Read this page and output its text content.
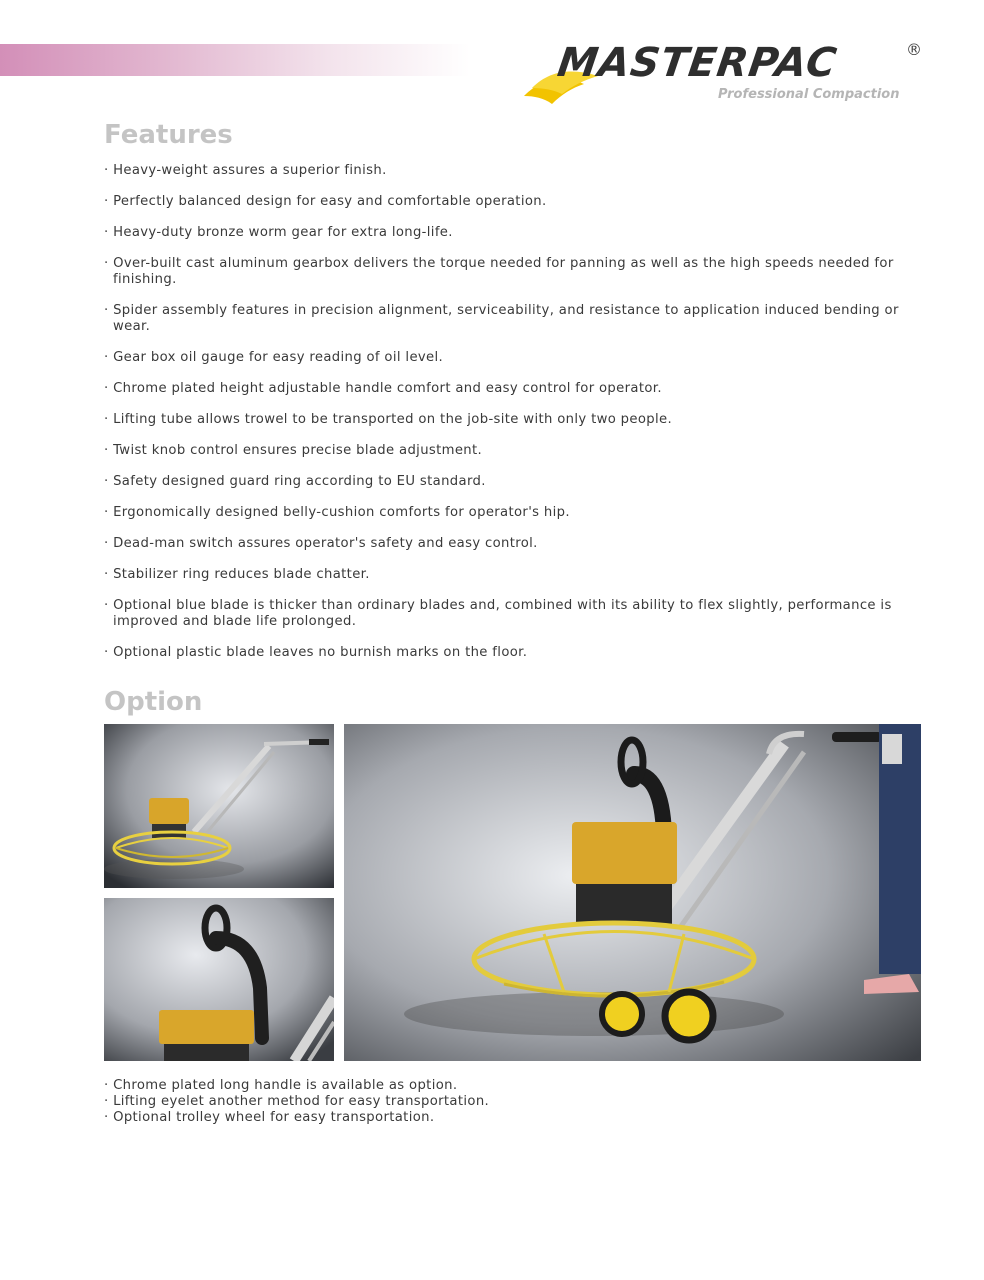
MASTERPAC	®
Professional Compaction
Features
· Heavy-weight assures a superior finish.
· Perfectly balanced design for easy and comfortable operation.
· Heavy-duty bronze worm gear for extra long-life.
· Over-built cast aluminum gearbox delivers the torque needed for panning as well as the high speeds needed for finishing.
· Spider assembly features in precision alignment, serviceability, and resistance to application induced bending or wear.
· Gear box oil gauge for easy reading of oil level.
· Chrome plated height adjustable handle comfort and easy control for operator.
· Lifting tube allows trowel to be transported on the job-site with only two people.
· Twist knob control ensures precise blade adjustment.
· Safety designed guard ring according to EU standard.
· Ergonomically designed belly-cushion comforts for operator's hip.
· Dead-man switch assures operator's safety and easy control.
· Stabilizer ring reduces blade chatter.
· Optional blue blade is thicker than ordinary blades and, combined with its ability to flex slightly, performance is improved and blade life prolonged.
· Optional plastic blade leaves no burnish marks on the floor.
Option
· Chrome plated long handle is available as option.
· Lifting eyelet another method for easy transportation.
· Optional trolley wheel for easy transportation.
